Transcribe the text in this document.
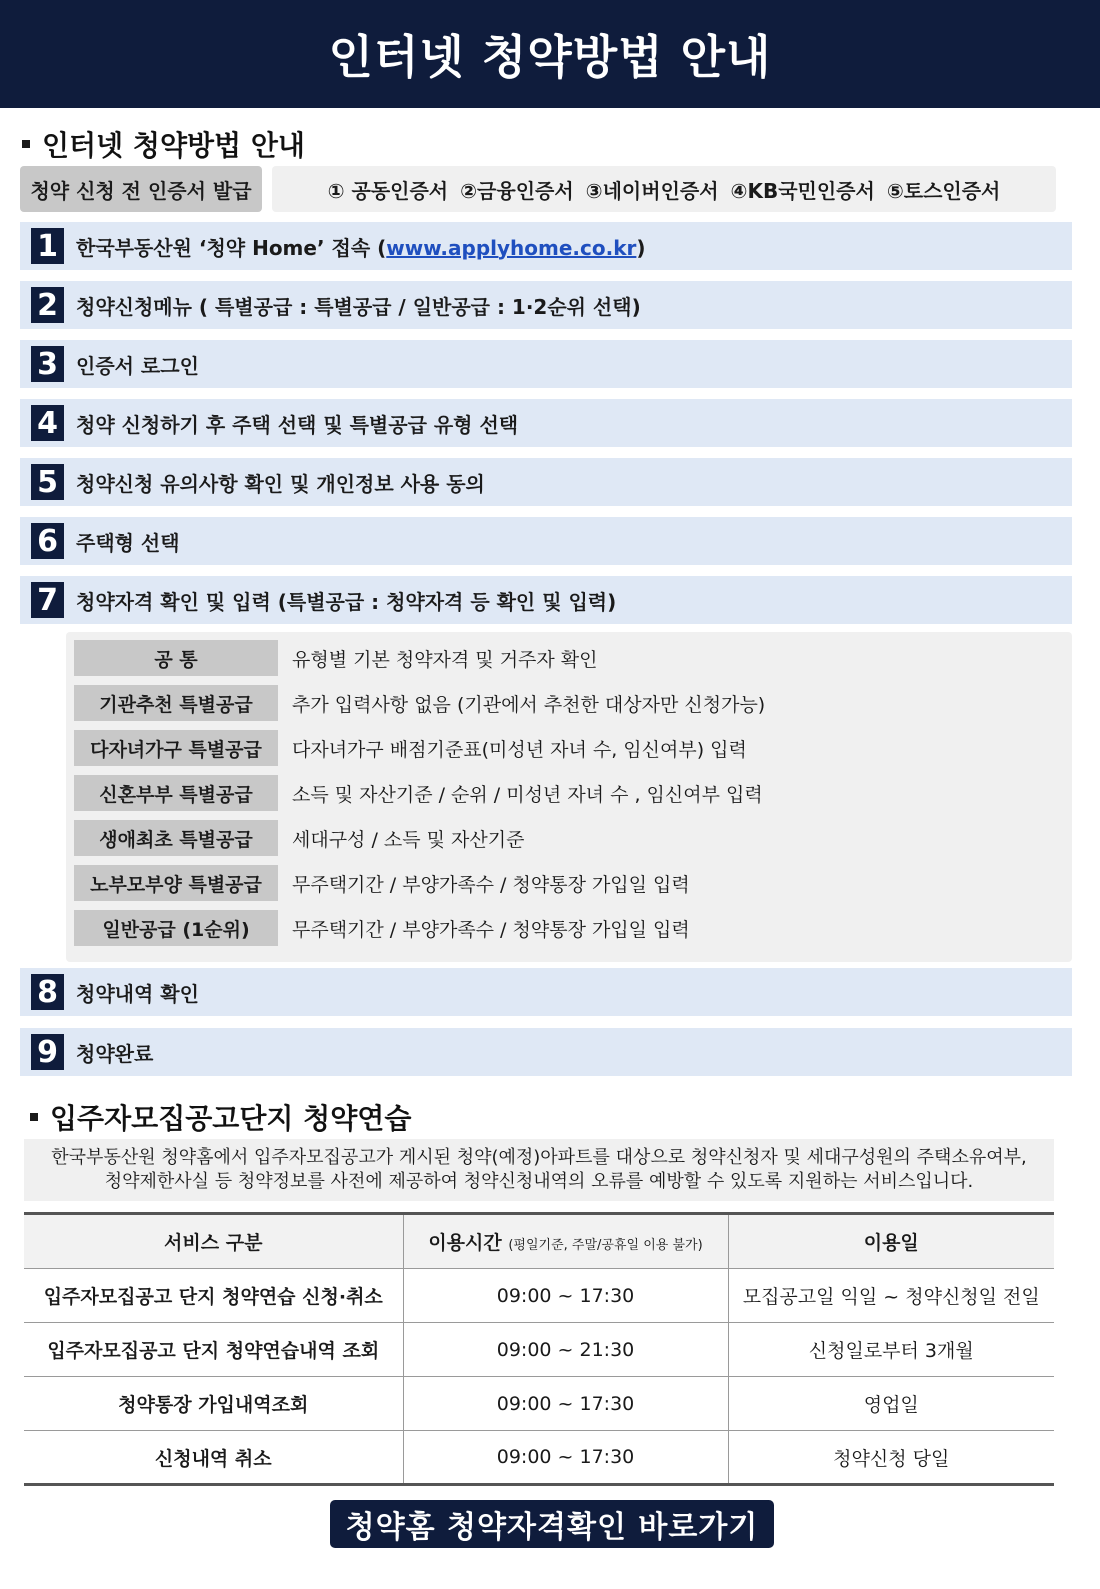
인터넷 청약방법 안내
인터넷 청약방법 안내
청약 신청 전 인증서 발급	① 공동인증서 ②금융인증서 ③네이버인증서 ④KB국민인증서 ⑤토스인증서
1 한국부동산원 ‘청약 Home’ 접속 (www.applyhome.co.kr)
2 청약신청메뉴 ( 특별공급 : 특별공급 / 일반공급 : 1·2순위 선택)
3 인증서 로그인
4 청약 신청하기 후 주택 선택 및 특별공급 유형 선택
5 청약신청 유의사항 확인 및 개인정보 사용 동의
6 주택형 선택
7 청약자격 확인 및 입력 (특별공급 : 청약자격 등 확인 및 입력)
공 통	유형별 기본 청약자격 및 거주자 확인
기관추천 특별공급	추가 입력사항 없음 (기관에서 추천한 대상자만 신청가능)
다자녀가구 특별공급	다자녀가구 배점기준표(미성년 자녀 수, 임신여부) 입력
신혼부부 특별공급	소득 및 자산기준 / 순위 / 미성년 자녀 수 , 임신여부 입력
생애최초 특별공급	세대구성 / 소득 및 자산기준
노부모부양 특별공급	무주택기간 / 부양가족수 / 청약통장 가입일 입력
일반공급 (1순위)	무주택기간 / 부양가족수 / 청약통장 가입일 입력
8 청약내역 확인
9 청약완료
입주자모집공고단지 청약연습
한국부동산원 청약홈에서 입주자모집공고가 게시된 청약(예정)아파트를 대상으로 청약신청자 및 세대구성원의 주택소유여부,
청약제한사실 등 청약정보를 사전에 제공하여 청약신청내역의 오류를 예방할 수 있도록 지원하는 서비스입니다.
서비스 구분	이용시간 (평일기준, 주말/공휴일 이용 불가)	이용일
입주자모집공고 단지 청약연습 신청·취소	09:00 ~ 17:30	모집공고일 익일 ~ 청약신청일 전일
입주자모집공고 단지 청약연습내역 조회	09:00 ~ 21:30	신청일로부터 3개월
청약통장 가입내역조회	09:00 ~ 17:30	영업일
신청내역 취소	09:00 ~ 17:30	청약신청 당일
청약홈 청약자격확인 바로가기
